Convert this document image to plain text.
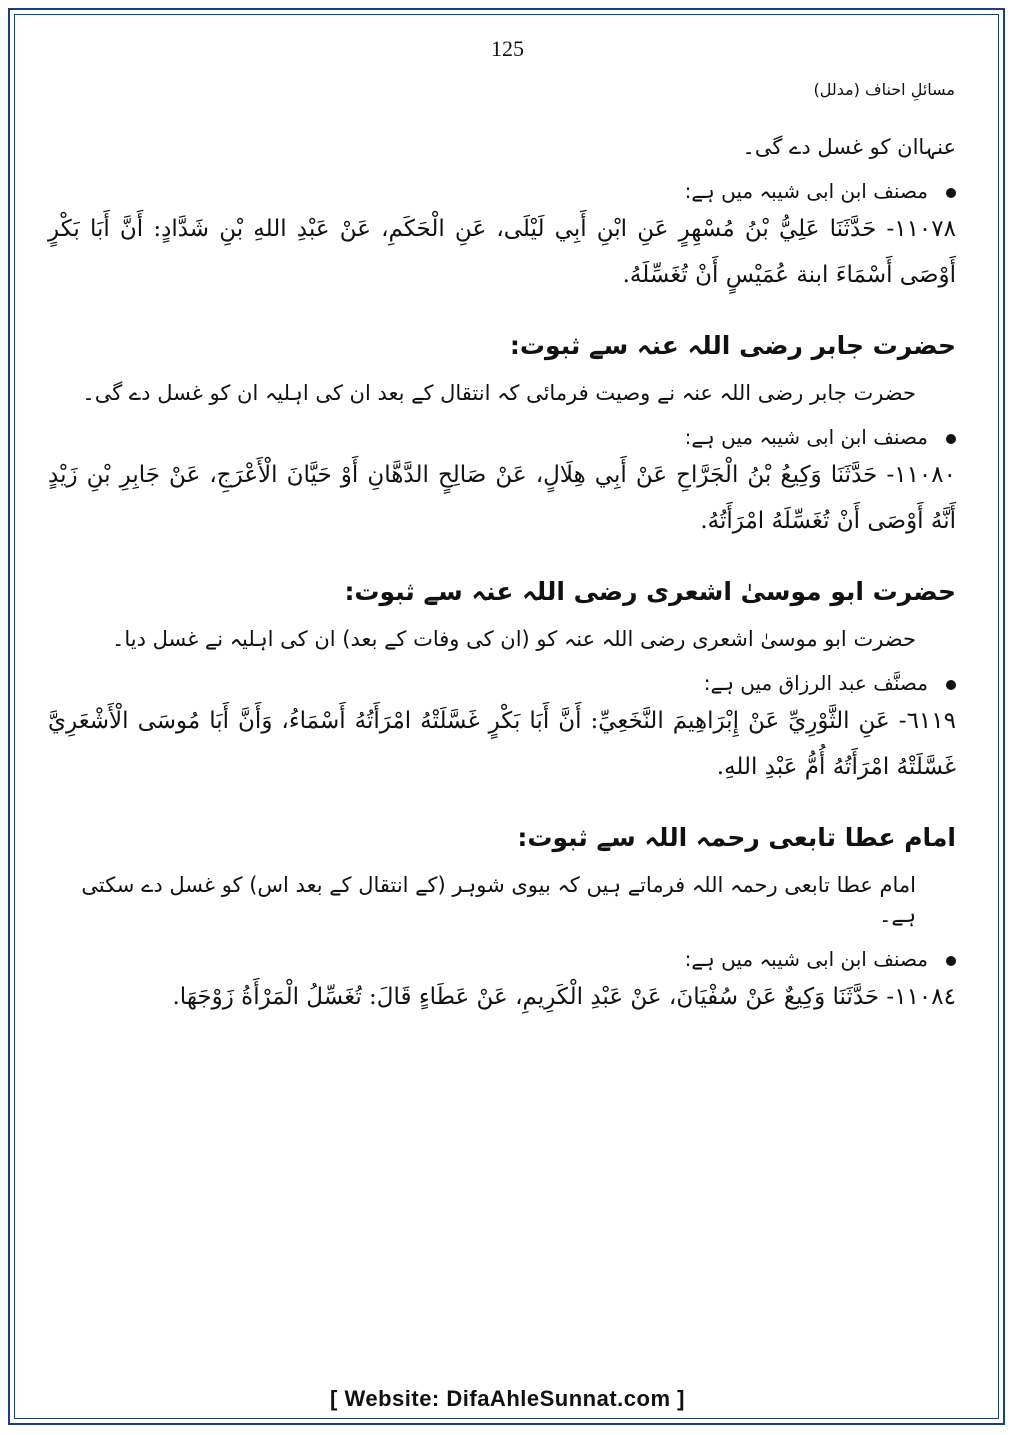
125
مسائلِ احناف (مدلل)
عنہاان کو غسل دے گی۔
مصنف ابن ابی شیبہ میں ہے:
١١٠٧٨- حَدَّثَنَا عَلِيُّ بْنُ مُسْهِرٍ عَنِ ابْنِ أَبِي لَيْلَى، عَنِ الْحَكَمِ، عَنْ عَبْدِ اللهِ بْنِ شَدَّادٍ: أَنَّ أَبَا بَكْرٍ أَوْصَى أَسْمَاءَ ابنة عُمَيْسٍ أَنْ تُغَسِّلَهُ.
حضرت جابر رضی اللہ عنہ سے ثبوت:
حضرت جابر رضی اللہ عنہ نے وصیت فرمائی کہ انتقال کے بعد ان کی اہلیہ ان کو غسل دے گی۔
مصنف ابن ابی شیبہ میں ہے:
١١٠٨٠- حَدَّثَنَا وَكِيعُ بْنُ الْجَرَّاحِ عَنْ أَبِي هِلَالٍ، عَنْ صَالِحٍ الدَّهَّانِ أَوْ حَيَّانَ الْأَعْرَجِ، عَنْ جَابِرِ بْنِ زَيْدٍ أَنَّهُ أَوْصَى أَنْ تُغَسِّلَهُ امْرَأَتُهُ.
حضرت ابو موسیٰ اشعری رضی اللہ عنہ سے ثبوت:
حضرت ابو موسیٰ اشعری رضی اللہ عنہ کو (ان کی وفات کے بعد) ان کی اہلیہ نے غسل دیا۔
مصنَّف عبد الرزاق میں ہے:
٦١١٩- عَنِ الثَّوْرِيِّ عَنْ إِبْرَاهِيمَ النَّخَعِيِّ: أَنَّ أَبَا بَكْرٍ غَسَّلَتْهُ امْرَأَتُهُ أَسْمَاءُ، وَأَنَّ أَبَا مُوسَى الْأَشْعَرِيَّ غَسَّلَتْهُ امْرَأَتُهُ أُمُّ عَبْدِ اللهِ.
امام عطا تابعی رحمہ اللہ سے ثبوت:
امام عطا تابعی رحمہ اللہ فرماتے ہیں کہ بیوی شوہر (کے انتقال کے بعد اس) کو غسل دے سکتی ہے۔
مصنف ابن ابی شیبہ میں ہے:
١١٠٨٤- حَدَّثَنَا وَكِيعٌ عَنْ سُفْيَانَ، عَنْ عَبْدِ الْكَرِيمِ، عَنْ عَطَاءٍ قَالَ: تُغَسِّلُ الْمَرْأَةُ زَوْجَهَا.
[ Website: DifaAhleSunnat.com ]
